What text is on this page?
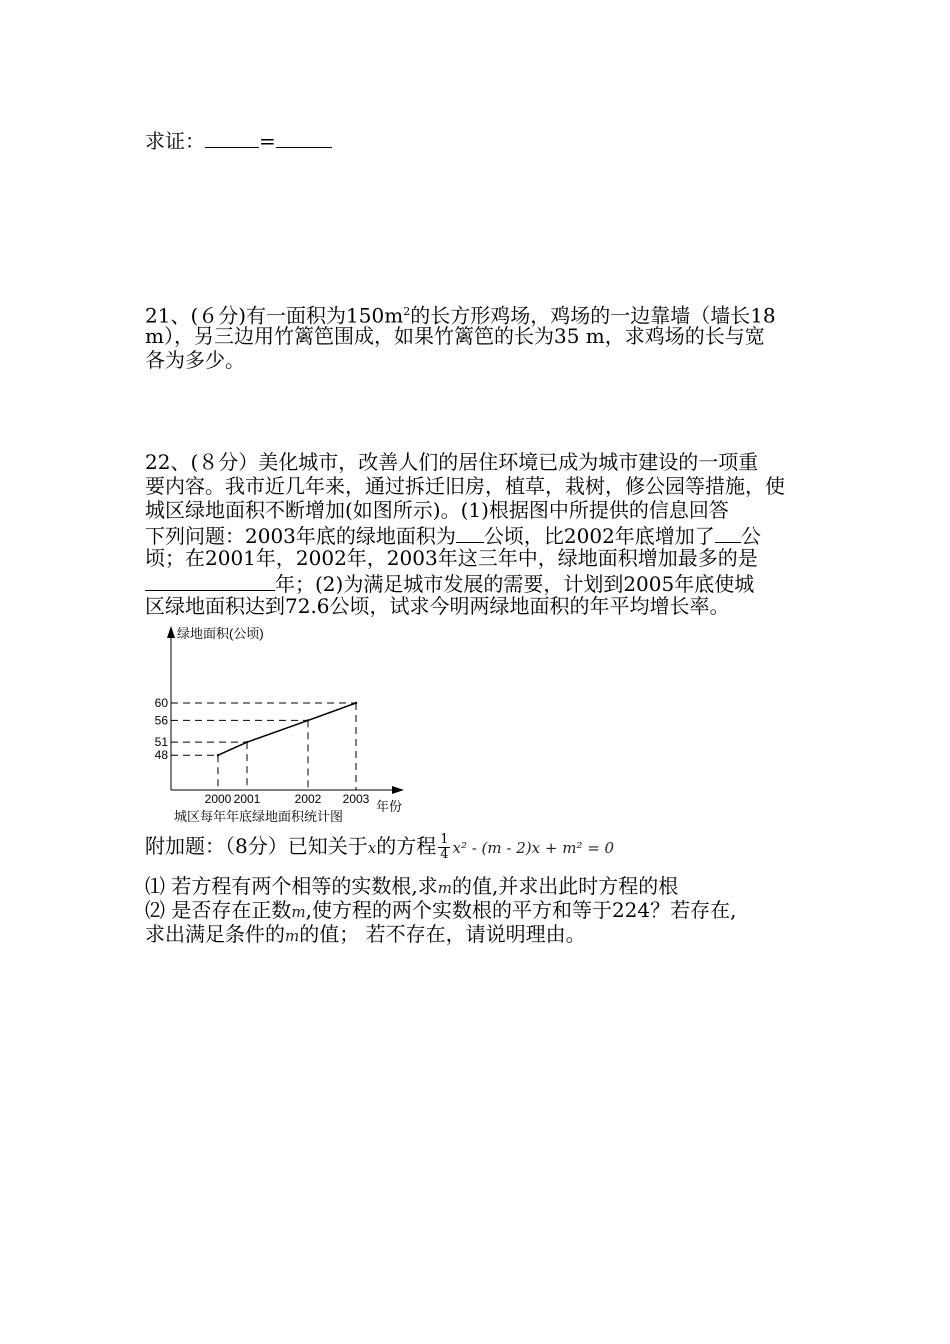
求证：	=
21、(６分)有一面积为$150m^2$的长方形鸡场，鸡场的一边靠墙（墙长18
m），另三边用竹篱笆围成，如果竹篱笆的长为35 m，求鸡场的长与宽
各为多少。
22、(８分）美化城市，改善人们的居住环境已成为城市建设的一项重
要内容。我市近几年来，通过拆迁旧房，植草，栽树，修公园等措施，使
城区绿地面积不断增加(如图所示)。(1)根据图中所提供的信息回答
下列问题：2003年底的绿地面积为 公顷，比2002年底增加了 公
顷；在2001年，2002年，2003年这三年中，绿地面积增加最多的是
年；(2)为满足城市发展的需要，计划到2005年底使城
区绿地面积达到72.6公顷，试求今明两绿地面积的年平均增长率。
绿地面积(公顷)
年份
城区每年年底绿地面积统计图
48
2000
51
2001
56
2002
60
2003
附加题：（8分）已知关于x的方程 $\frac{1}{4} x^2 - (m - 2)x + m^2 = 0$
⑴ 若方程有两个相等的实数根,求m的值,并求出此时方程的根
⑵ 是否存在正数m,使方程的两个实数根的平方和等于224？若存在,
求出满足条件的m的值； 若不存在，请说明理由。
